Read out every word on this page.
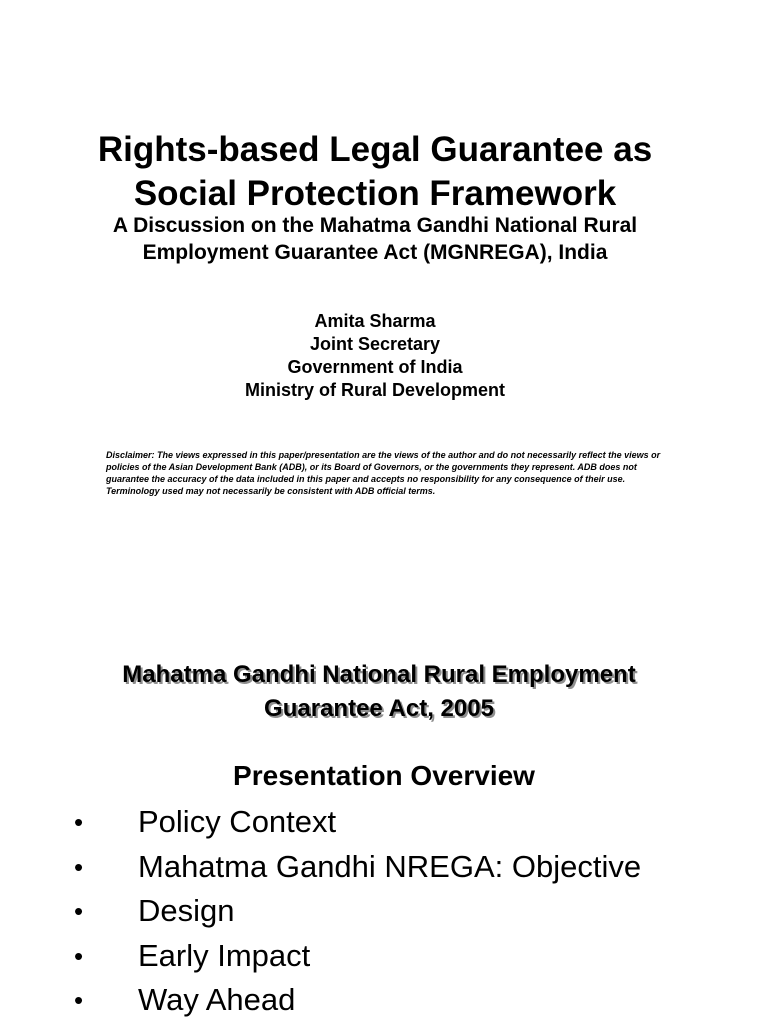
Rights-based Legal Guarantee as
Social Protection Framework
A Discussion on the Mahatma Gandhi National Rural
Employment Guarantee Act (MGNREGA), India
Amita Sharma
Joint Secretary
Government of India
Ministry of Rural Development
Disclaimer: The views expressed in this paper/presentation are the views of the author and do not necessarily reflect the views or policies of the Asian Development Bank (ADB), or its Board of Governors, or the governments they represent. ADB does not guarantee the accuracy of the data included in this paper and accepts no responsibility for any consequence of their use. Terminology used may not necessarily be consistent with ADB official terms.
Mahatma Gandhi National Rural Employment
Guarantee Act, 2005
Presentation Overview
• Policy Context
• Mahatma Gandhi NREGA: Objective
• Design
• Early Impact
• Way Ahead
